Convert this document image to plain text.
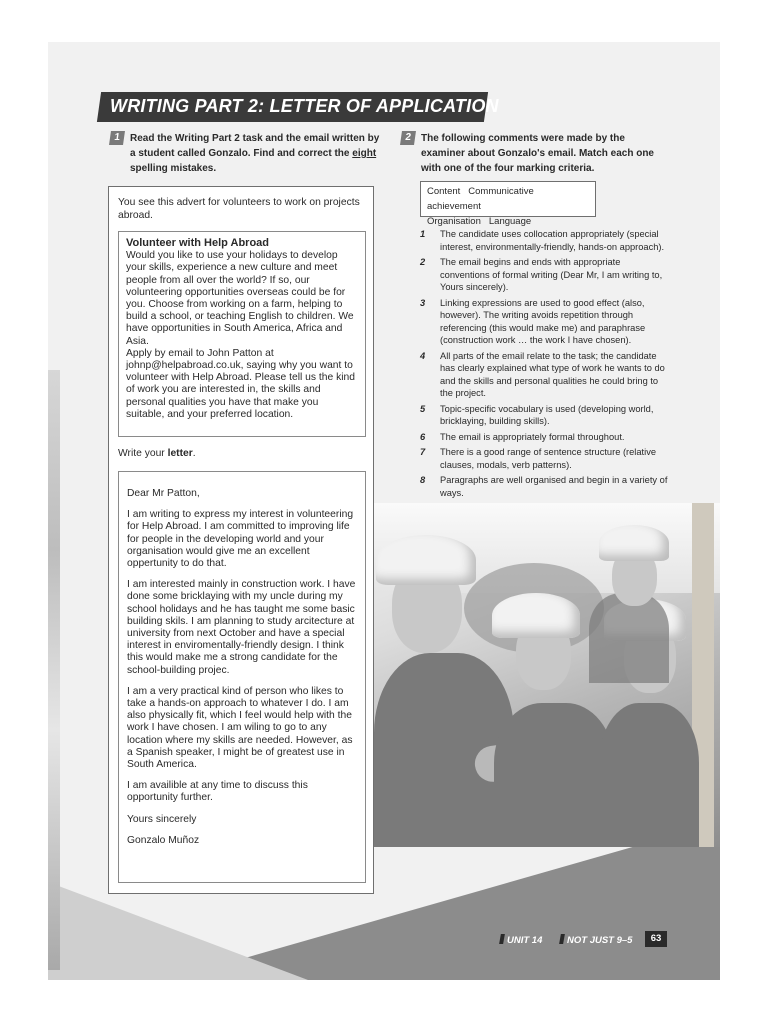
WRITING PART 2: LETTER OF APPLICATION
1 Read the Writing Part 2 task and the email written by a student called Gonzalo. Find and correct the eight spelling mistakes.
2 The following comments were made by the examiner about Gonzalo's email. Match each one with one of the four marking criteria.
Content Communicative achievement
Organisation Language
1 The candidate uses collocation appropriately (special interest, environmentally-friendly, hands-on approach).
2 The email begins and ends with appropriate conventions of formal writing (Dear Mr, I am writing to, Yours sincerely).
3 Linking expressions are used to good effect (also, however). The writing avoids repetition through referencing (this would make me) and paraphrase (construction work … the work I have chosen).
4 All parts of the email relate to the task; the candidate has clearly explained what type of work he wants to do and the skills and personal qualities he could bring to the project.
5 Topic-specific vocabulary is used (developing world, bricklaying, building skills).
6 The email is appropriately formal throughout.
7 There is a good range of sentence structure (relative clauses, modals, verb patterns).
8 Paragraphs are well organised and begin in a variety of ways.
You see this advert for volunteers to work on projects abroad.
Volunteer with Help Abroad
Would you like to use your holidays to develop your skills, experience a new culture and meet people from all over the world? If so, our volunteering opportunities overseas could be for you. Choose from working on a farm, helping to build a school, or teaching English to children. We have opportunities in South America, Africa and Asia.
Apply by email to John Patton at johnp@helpabroad.co.uk, saying why you want to volunteer with Help Abroad. Please tell us the kind of work you are interested in, the skills and personal qualities you have that make you suitable, and your preferred location.
Write your letter.

Dear Mr Patton,

I am writing to express my interest in volunteering for Help Abroad. I am committed to improving life for people in the developing world and your organisation would give me an excellent oppertunity to do that.

I am interested mainly in construction work. I have done some bricklaying with my uncle during my school holidays and he has taught me some basic building skils. I am planning to study arcitecture at university from next October and have a special interest in enviromentally-friendly design. I think this would make me a strong candidate for the school-building projec.

I am a very practical kind of person who likes to take a hands-on approach to whatever I do. I am also physically fit, which I feel would help with the work I have chosen. I am wiling to go to any location where my skills are needed. However, as a Spanish speaker, I might be of greatest use in South America.

I am availible at any time to discuss this opportunity further.

Yours sincerely

Gonzalo Muñoz

UNIT 14	NOT JUST 9–5	63
